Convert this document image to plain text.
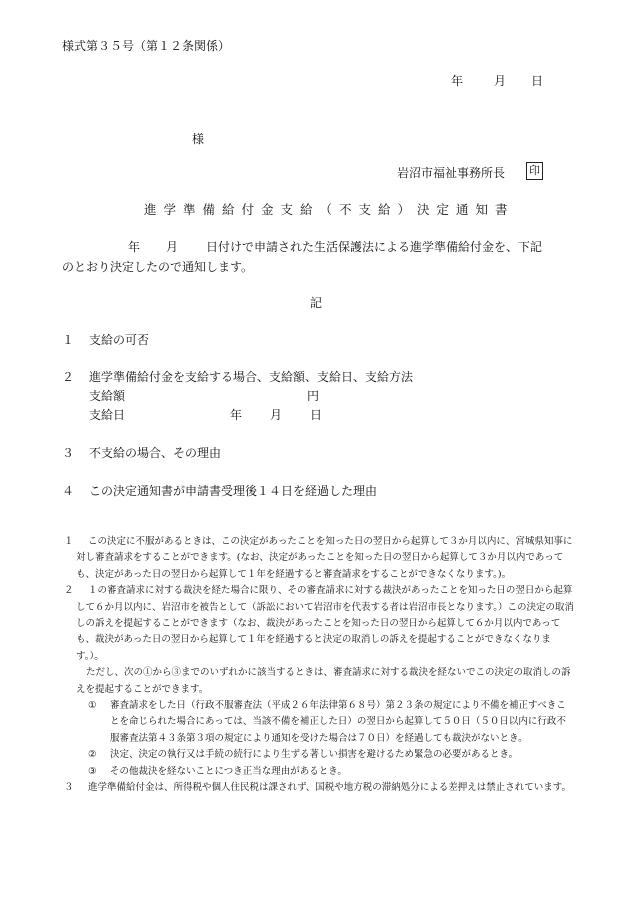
様式第３５号（第１２条関係）
年	月 日
様
岩沼市福祉事務所長 印
進学準備給付金支給（不支給）決定通知書
年 月 日付けで申請された生活保護法による進学準備給付金を、下記
のとおり決定したので通知します。
記
１ 支給の可否
２ 進学準備給付金を支給する場合、支給額、支給日、支給方法
支給額	円
支給日	年 月 日
３ 不支給の場合、その理由
４ この決定通知書が申請書受理後１４日を経過した理由
１	この決定に不服があるときは、この決定があったことを知った日の翌日から起算して３か月以内に、宮城県知事に対し審査請求をすることができます。(なお、決定があったことを知った日の翌日から起算して３か月以内であっても、決定があった日の翌日から起算して１年を経過すると審査請求をすることができなくなります。)。
２	１の審査請求に対する裁決を経た場合に限り、その審査請求に対する裁決があったことを知った日の翌日から起算して６か月以内に、岩沼市を被告として（訴訟において岩沼市を代表する者は岩沼市長となります。）この決定の取消しの訴えを提起することができます（なお、裁決があったことを知った日の翌日から起算して６か月以内であっても、裁決があった日の翌日から起算して１年を経過すると決定の取消しの訴えを提起することができなくなります。）。
ただし、次の①から③までのいずれかに該当するときは、審査請求に対する裁決を経ないでこの決定の取消しの訴えを提起することができます。
① 審査請求をした日（行政不服審査法（平成２６年法律第６８号）第２３条の規定により不備を補正すべきことを命じられた場合にあっては、当該不備を補正した日）の翌日から起算して５０日（５０日以内に行政不服審査法第４３条第３項の規定により通知を受けた場合は７０日）を経過しても裁決がないとき。
② 決定、決定の執行又は手続の続行により生ずる著しい損害を避けるため緊急の必要があるとき。
③ その他裁決を経ないことにつき正当な理由があるとき。
３	進学準備給付金は、所得税や個人住民税は課されず、国税や地方税の滞納処分による差押えは禁止されています。
